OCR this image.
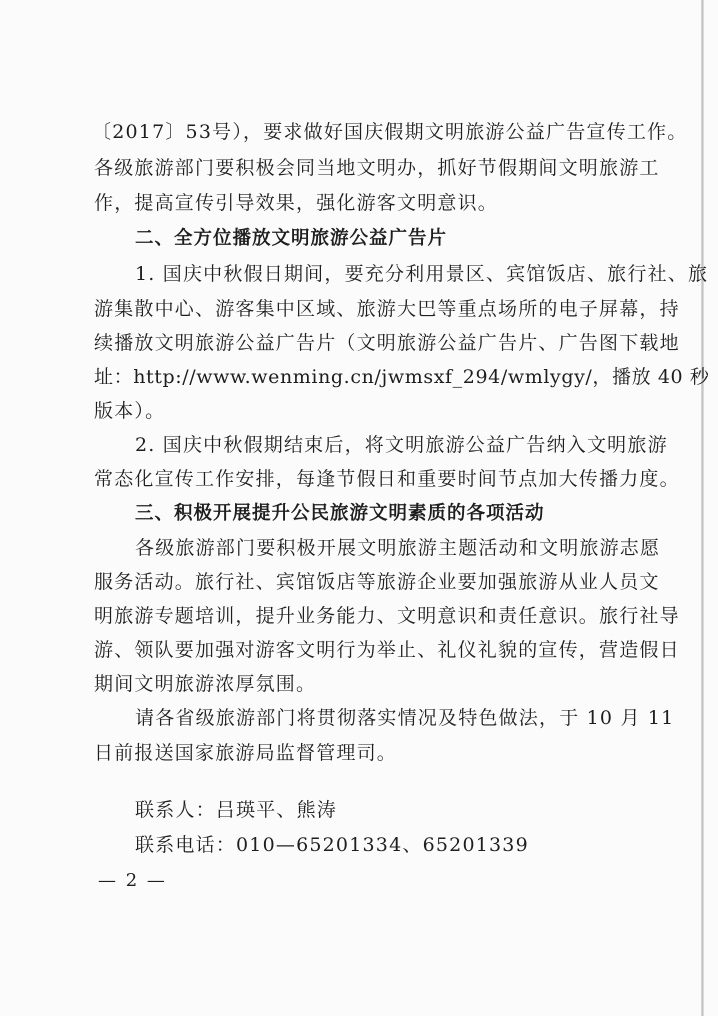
〔2017〕53号），要求做好国庆假期文明旅游公益广告宣传工作。
各级旅游部门要积极会同当地文明办，抓好节假期间文明旅游工
作，提高宣传引导效果，强化游客文明意识。
二、全方位播放文明旅游公益广告片
1. 国庆中秋假日期间，要充分利用景区、宾馆饭店、旅行社、旅
游集散中心、游客集中区域、旅游大巴等重点场所的电子屏幕，持
续播放文明旅游公益广告片（文明旅游公益广告片、广告图下载地
址：http://www.wenming.cn/jwmsxf_294/wmlygy/，播放 40 秒
版本）。
2. 国庆中秋假期结束后，将文明旅游公益广告纳入文明旅游
常态化宣传工作安排，每逢节假日和重要时间节点加大传播力度。
三、积极开展提升公民旅游文明素质的各项活动
各级旅游部门要积极开展文明旅游主题活动和文明旅游志愿
服务活动。旅行社、宾馆饭店等旅游企业要加强旅游从业人员文
明旅游专题培训，提升业务能力、文明意识和责任意识。旅行社导
游、领队要加强对游客文明行为举止、礼仪礼貌的宣传，营造假日
期间文明旅游浓厚氛围。
请各省级旅游部门将贯彻落实情况及特色做法，于 10 月 11
日前报送国家旅游局监督管理司。
联系人：吕瑛平、熊涛
联系电话：010—65201334、65201339
— 2 —
